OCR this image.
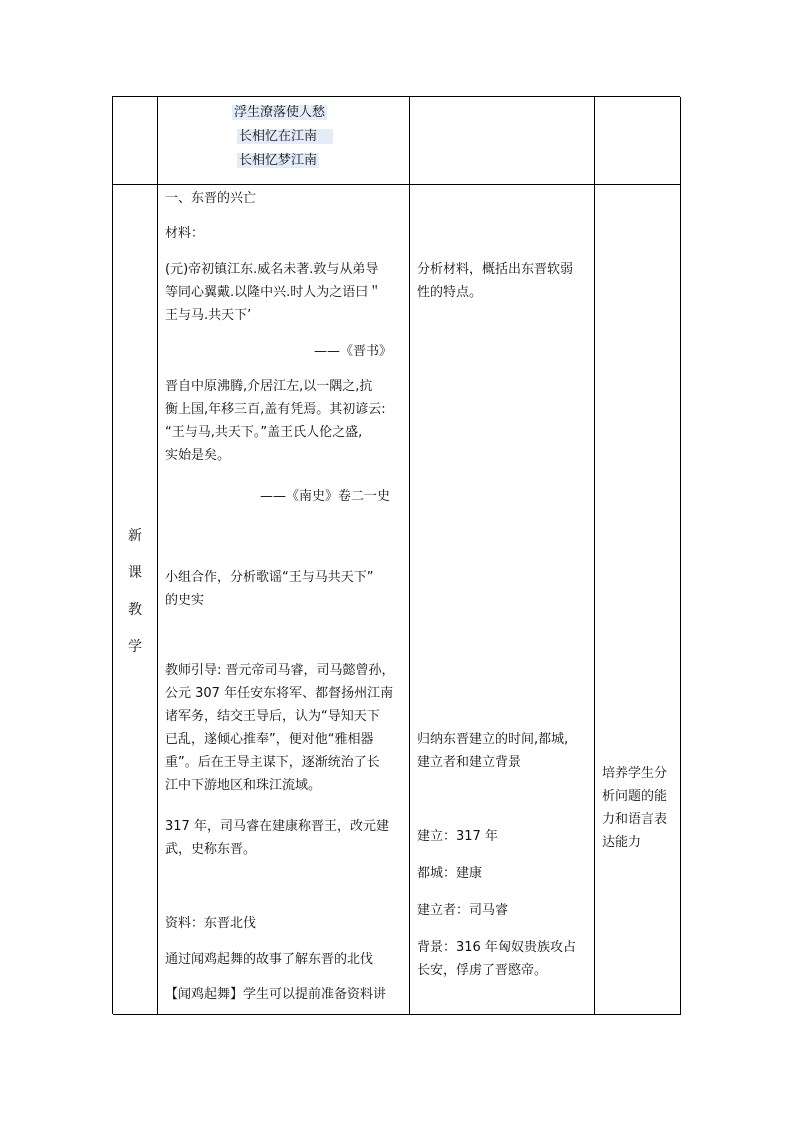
浮生潦落使人愁
长相忆在江南
长相忆梦江南
新
课
教
学
一、东晋的兴亡
材料：
(元)帝初镇江东.威名未著.敦与从弟导
等同心翼戴.以隆中兴.时人为之语曰＂
王与马.共天下’
——《晋书》
晋自中原沸腾,介居江左,以一隅之,抗
衡上国,年移三百,盖有凭焉。其初谚云:
“王与马,共天下。”盖王氏人伦之盛,
实始是矣。
——《南史》卷二一史
小组合作，分析歌谣“王与马共天下”
的史实
教师引导: 晋元帝司马睿，司马懿曾孙，
公元 307 年任安东将军、都督扬州江南
诸军务，结交王导后，认为“导知天下
已乱，遂倾心推奉”，便对他“雅相器
重”。后在王导主谋下，逐渐统治了长
江中下游地区和珠江流域。
317 年，司马睿在建康称晋王，改元建
武，史称东晋。
资料：东晋北伐
通过闻鸡起舞的故事了解东晋的北伐
【闻鸡起舞】学生可以提前准备资料讲
分析材料，概括出东晋软弱
性的特点。
归纳东晋建立的时间,都城,
建立者和建立背景
建立：317 年
都城：建康
建立者：司马睿
背景：316 年匈奴贵族攻占
长安，俘虏了晋愍帝。
培养学生分
析问题的能
力和语言表
达能力
